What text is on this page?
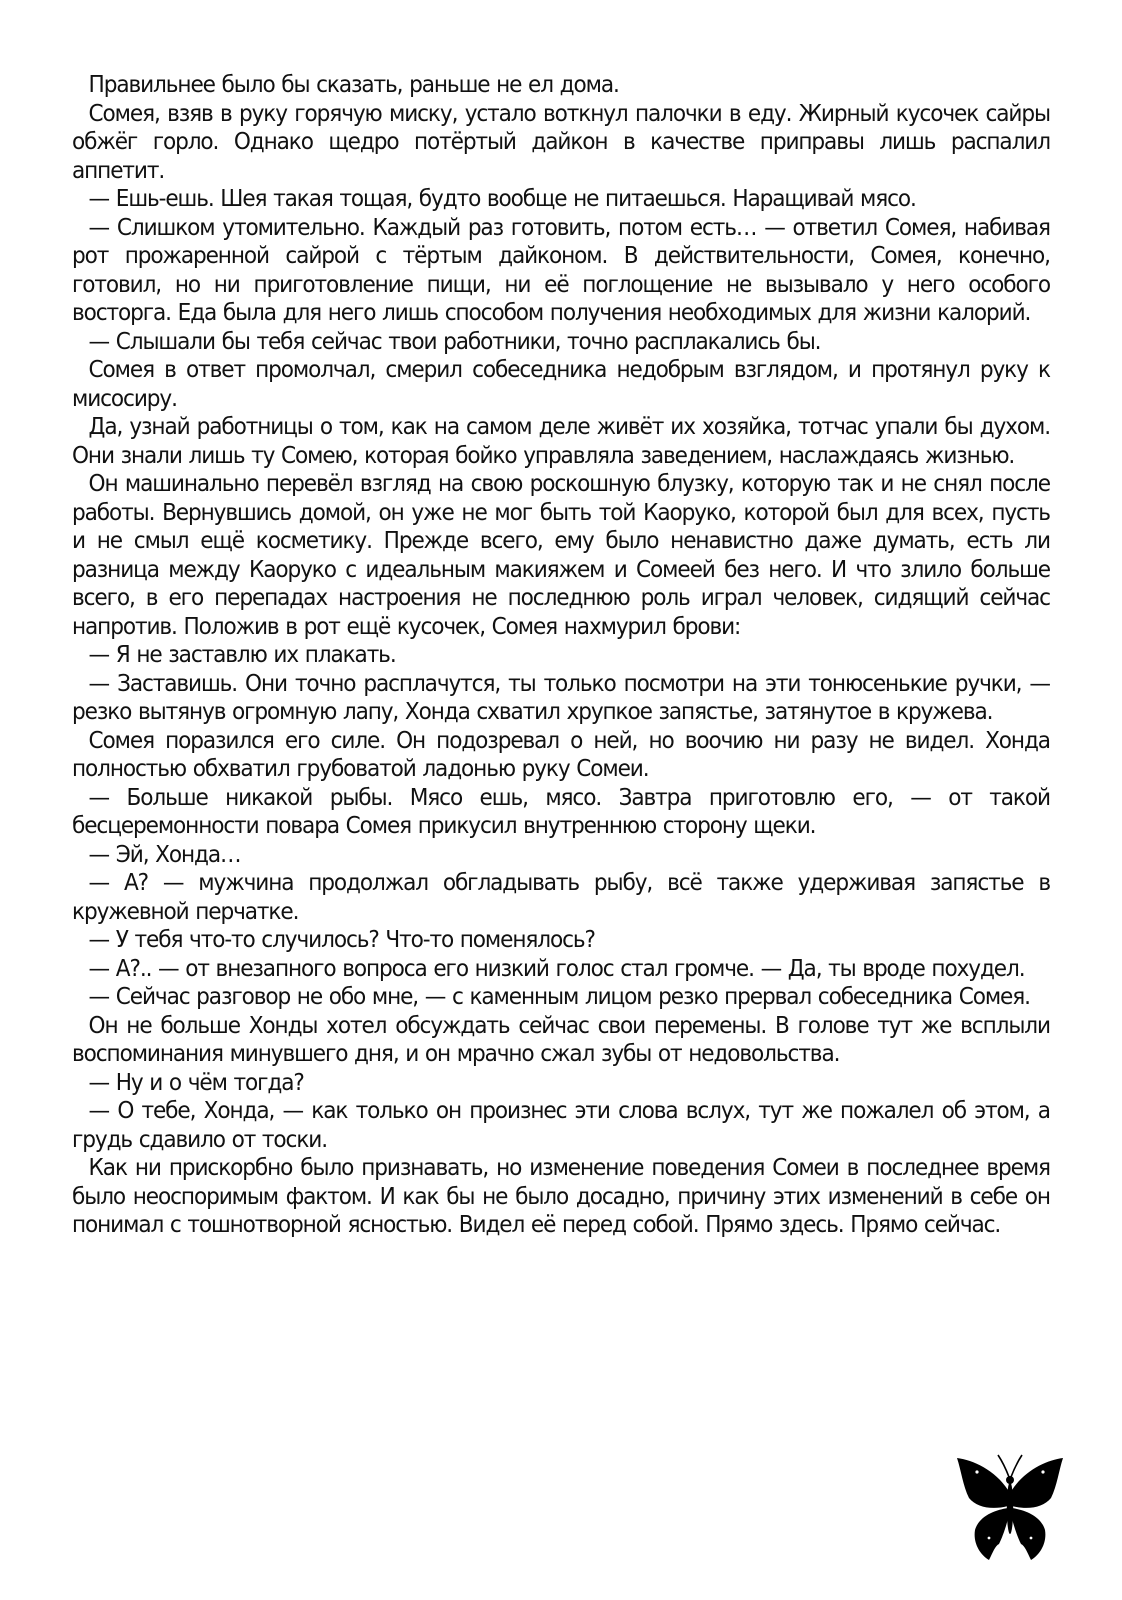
Правильнее было бы сказать, раньше не ел дома.

Сомея, взяв в руку горячую миску, устало воткнул палочки в еду. Жирный кусочек сайры обжёг горло. Однако щедро потёртый дайкон в качестве приправы лишь распалил аппетит.

— Ешь-ешь. Шея такая тощая, будто вообще не питаешься. Наращивай мясо.

— Слишком утомительно. Каждый раз готовить, потом есть… — ответил Сомея, набивая рот прожаренной сайрой с тёртым дайконом. В действительности, Сомея, конечно, готовил, но ни приготовление пищи, ни её поглощение не вызывало у него особого восторга. Еда была для него лишь способом получения необходимых для жизни калорий.

— Слышали бы тебя сейчас твои работники, точно расплакались бы.

Сомея в ответ промолчал, смерил собеседника недобрым взглядом, и протянул руку к мисосиру.

Да, узнай работницы о том, как на самом деле живёт их хозяйка, тотчас упали бы духом. Они знали лишь ту Сомею, которая бойко управляла заведением, наслаждаясь жизнью.

Он машинально перевёл взгляд на свою роскошную блузку, которую так и не снял после работы. Вернувшись домой, он уже не мог быть той Каоруко, которой был для всех, пусть и не смыл ещё косметику. Прежде всего, ему было ненавистно даже думать, есть ли разница между Каоруко с идеальным макияжем и Сомеей без него. И что злило больше всего, в его перепадах настроения не последнюю роль играл человек, сидящий сейчас напротив. Положив в рот ещё кусочек, Сомея нахмурил брови:

— Я не заставлю их плакать.

— Заставишь. Они точно расплачутся, ты только посмотри на эти тонюсенькие ручки, — резко вытянув огромную лапу, Хонда схватил хрупкое запястье, затянутое в кружева.

Сомея поразился его силе. Он подозревал о ней, но воочию ни разу не видел. Хонда полностью обхватил грубоватой ладонью руку Сомеи.

— Больше никакой рыбы. Мясо ешь, мясо. Завтра приготовлю его, — от такой бесцеремонности повара Сомея прикусил внутреннюю сторону щеки.

— Эй, Хонда…

— А? — мужчина продолжал обгладывать рыбу, всё также удерживая запястье в кружевной перчатке.

— У тебя что-то случилось? Что-то поменялось?

— А?.. — от внезапного вопроса его низкий голос стал громче. — Да, ты вроде похудел.

— Сейчас разговор не обо мне, — с каменным лицом резко прервал собеседника Сомея.

Он не больше Хонды хотел обсуждать сейчас свои перемены. В голове тут же всплыли воспоминания минувшего дня, и он мрачно сжал зубы от недовольства.

— Ну и о чём тогда?

— О тебе, Хонда, — как только он произнес эти слова вслух, тут же пожалел об этом, а грудь сдавило от тоски.

Как ни прискорбно было признавать, но изменение поведения Сомеи в последнее время было неоспоримым фактом. И как бы не было досадно, причину этих изменений в себе он понимал с тошнотворной ясностью. Видел её перед собой. Прямо здесь. Прямо сейчас.
